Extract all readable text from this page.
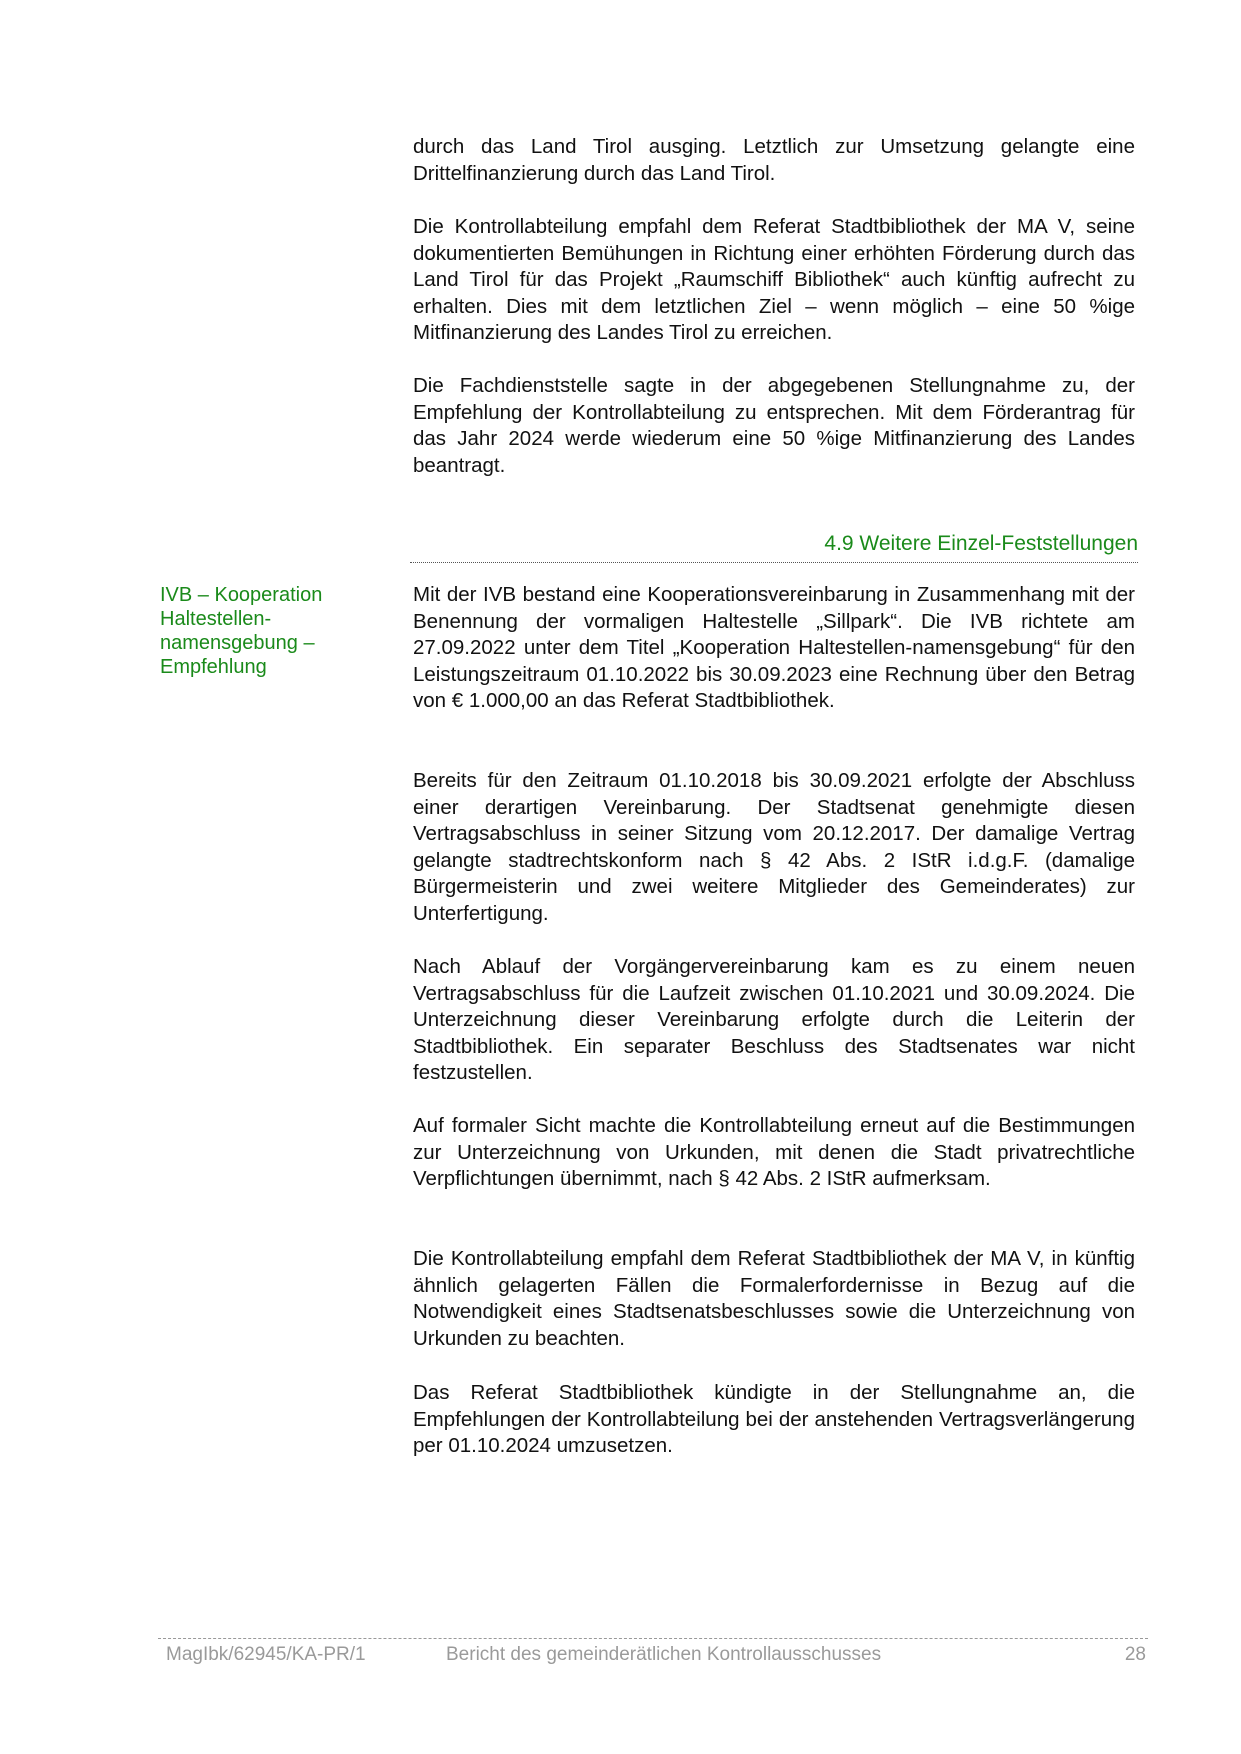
durch das Land Tirol ausging. Letztlich zur Umsetzung gelangte eine Drittelfinanzierung durch das Land Tirol.

Die Kontrollabteilung empfahl dem Referat Stadtbibliothek der MA V, seine dokumentierten Bemühungen in Richtung einer erhöhten Förderung durch das Land Tirol für das Projekt „Raumschiff Bibliothek“ auch künftig aufrecht zu erhalten. Dies mit dem letztlichen Ziel – wenn möglich – eine 50 %ige Mitfinanzierung des Landes Tirol zu erreichen.

Die Fachdienststelle sagte in der abgegebenen Stellungnahme zu, der Empfehlung der Kontrollabteilung zu entsprechen. Mit dem Förderantrag für das Jahr 2024 werde wiederum eine 50 %ige Mitfinanzierung des Landes beantragt.

4.9 Weitere Einzel-Feststellungen
IVB – Kooperation
Haltestellen-
namensgebung –
Empfehlung

Mit der IVB bestand eine Kooperationsvereinbarung in Zusammenhang mit der Benennung der vormaligen Haltestelle „Sillpark“. Die IVB richtete am 27.09.2022 unter dem Titel „Kooperation Haltestellen-namensgebung“ für den Leistungszeitraum 01.10.2022 bis 30.09.2023 eine Rechnung über den Betrag von € 1.000,00 an das Referat Stadtbibliothek.

Bereits für den Zeitraum 01.10.2018 bis 30.09.2021 erfolgte der Abschluss einer derartigen Vereinbarung. Der Stadtsenat genehmigte diesen Vertragsabschluss in seiner Sitzung vom 20.12.2017. Der damalige Vertrag gelangte stadtrechtskonform nach § 42 Abs. 2 IStR i.d.g.F. (damalige Bürgermeisterin und zwei weitere Mitglieder des Gemeinderates) zur Unterfertigung.

Nach Ablauf der Vorgängervereinbarung kam es zu einem neuen Vertragsabschluss für die Laufzeit zwischen 01.10.2021 und 30.09.2024. Die Unterzeichnung dieser Vereinbarung erfolgte durch die Leiterin der Stadtbibliothek. Ein separater Beschluss des Stadtsenates war nicht festzustellen.

Auf formaler Sicht machte die Kontrollabteilung erneut auf die Bestimmungen zur Unterzeichnung von Urkunden, mit denen die Stadt privatrechtliche Verpflichtungen übernimmt, nach § 42 Abs. 2 IStR aufmerksam.

Die Kontrollabteilung empfahl dem Referat Stadtbibliothek der MA V, in künftig ähnlich gelagerten Fällen die Formalerfordernisse in Bezug auf die Notwendigkeit eines Stadtsenatsbeschlusses sowie die Unterzeichnung von Urkunden zu beachten.

Das Referat Stadtbibliothek kündigte in der Stellungnahme an, die Empfehlungen der Kontrollabteilung bei der anstehenden Vertragsverlängerung per 01.10.2024 umzusetzen.

MagIbk/62945/KA-PR/1	Bericht des gemeinderätlichen Kontrollausschusses	28
